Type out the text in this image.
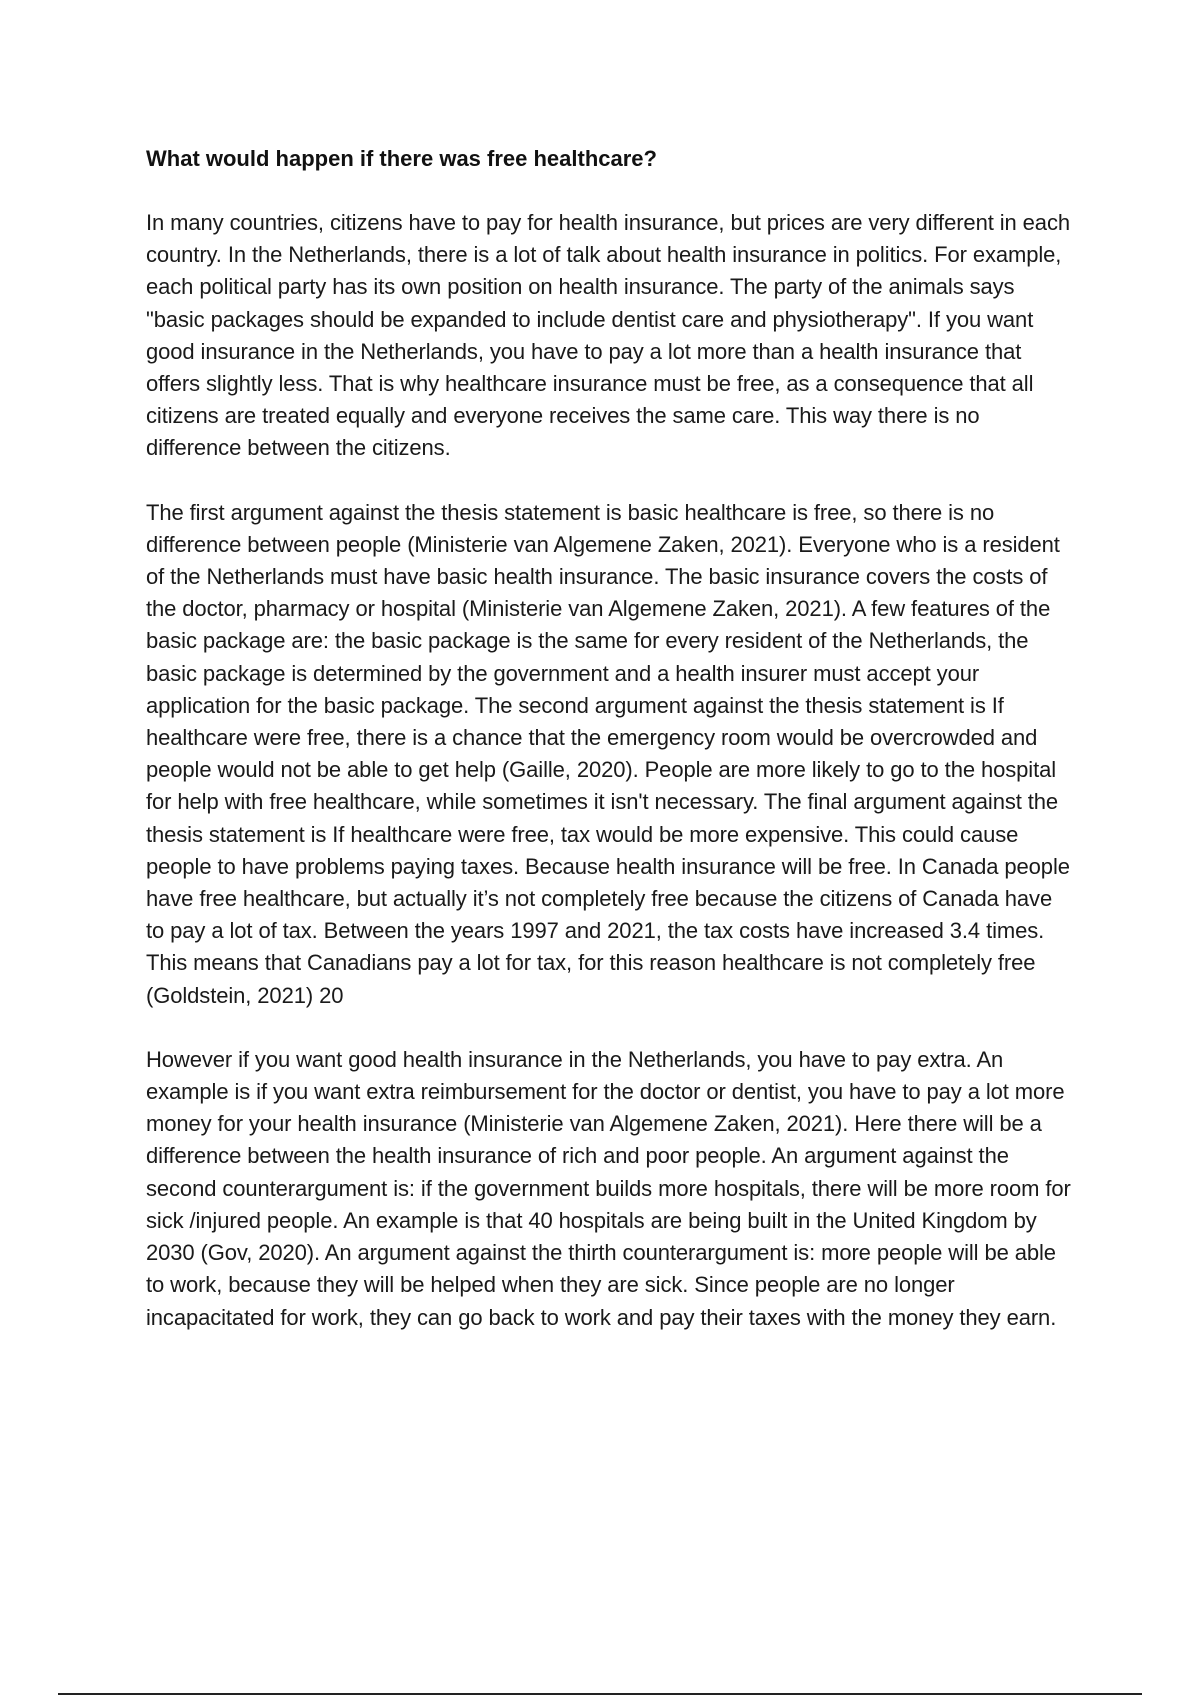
What would happen if there was free healthcare?

In many countries, citizens have to pay for health insurance, but prices are very different in each country. In the Netherlands, there is a lot of talk about health insurance in politics. For example, each political party has its own position on health insurance. The party of the animals says "basic packages should be expanded to include dentist care and physiotherapy". If you want good insurance in the Netherlands, you have to pay a lot more than a health insurance that offers slightly less. That is why healthcare insurance must be free, as a consequence that all citizens are treated equally and everyone receives the same care. This way there is no difference between the citizens.

The first argument against the thesis statement is basic healthcare is free, so there is no difference between people (Ministerie van Algemene Zaken, 2021). Everyone who is a resident of the Netherlands must have basic health insurance. The basic insurance covers the costs of the doctor, pharmacy or hospital (Ministerie van Algemene Zaken, 2021). A few features of the basic package are: the basic package is the same for every resident of the Netherlands, the basic package is determined by the government and a health insurer must accept your application for the basic package. The second argument against the thesis statement is If healthcare were free, there is a chance that the emergency room would be overcrowded and people would not be able to get help (Gaille, 2020). People are more likely to go to the hospital for help with free healthcare, while sometimes it isn't necessary. The final argument against the thesis statement is If healthcare were free, tax would be more expensive. This could cause people to have problems paying taxes. Because health insurance will be free. In Canada people have free healthcare, but actually it’s not completely free because the citizens of Canada have to pay a lot of tax. Between the years 1997 and 2021, the tax costs have increased 3.4 times. This means that Canadians pay a lot for tax, for this reason healthcare is not completely free (Goldstein, 2021) 20

However if you want good health insurance in the Netherlands, you have to pay extra. An example is if you want extra reimbursement for the doctor or dentist, you have to pay a lot more money for your health insurance (Ministerie van Algemene Zaken, 2021). Here there will be a difference between the health insurance of rich and poor people. An argument against the second counterargument is: if the government builds more hospitals, there will be more room for sick /injured people. An example is that 40 hospitals are being built in the United Kingdom by 2030 (Gov, 2020). An argument against the thirth counterargument is: more people will be able to work, because they will be helped when they are sick. Since people are no longer incapacitated for work, they can go back to work and pay their taxes with the money they earn.
